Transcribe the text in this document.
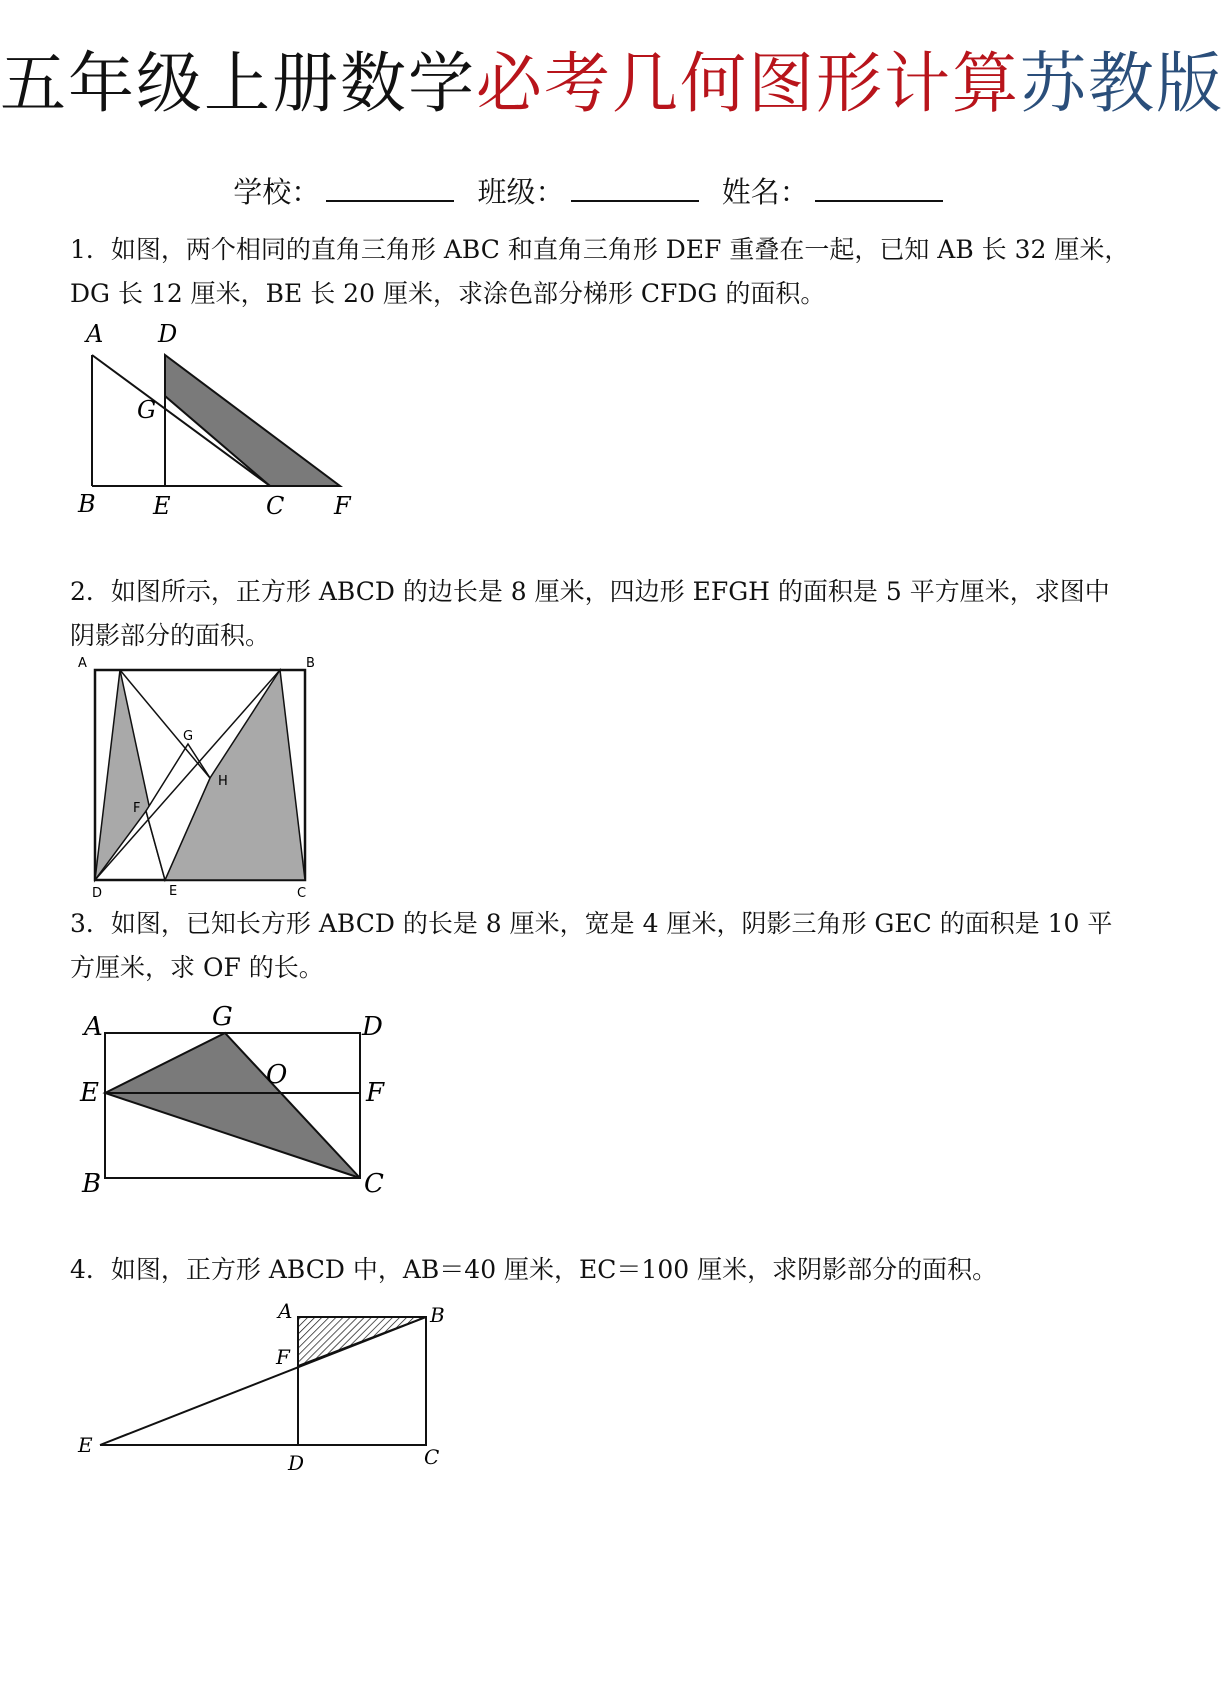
五年级上册数学必考几何图形计算苏教版
学校：	班级：	姓名：
1．如图，两个相同的直角三角形 ABC 和直角三角形 DEF 重叠在一起，已知 AB 长 32 厘米，DG 长 12 厘米，BE 长 20 厘米，求涂色部分梯形 CFDG 的面积。
A D
G
B E	C F
2．如图所示，正方形 ABCD 的边长是 8 厘米，四边形 EFGH 的面积是 5 平方厘米，求图中阴影部分的面积。
A	B
G
H
F
D	E	C
3．如图，已知长方形 ABCD 的长是 8 厘米，宽是 4 厘米，阴影三角形 GEC 的面积是 10 平方厘米，求 OF 的长。
A	G	D
O
E	F
B	C
4．如图，正方形 ABCD 中，AB＝40 厘米，EC＝100 厘米，求阴影部分的面积。
A	B
F
E
D	C
